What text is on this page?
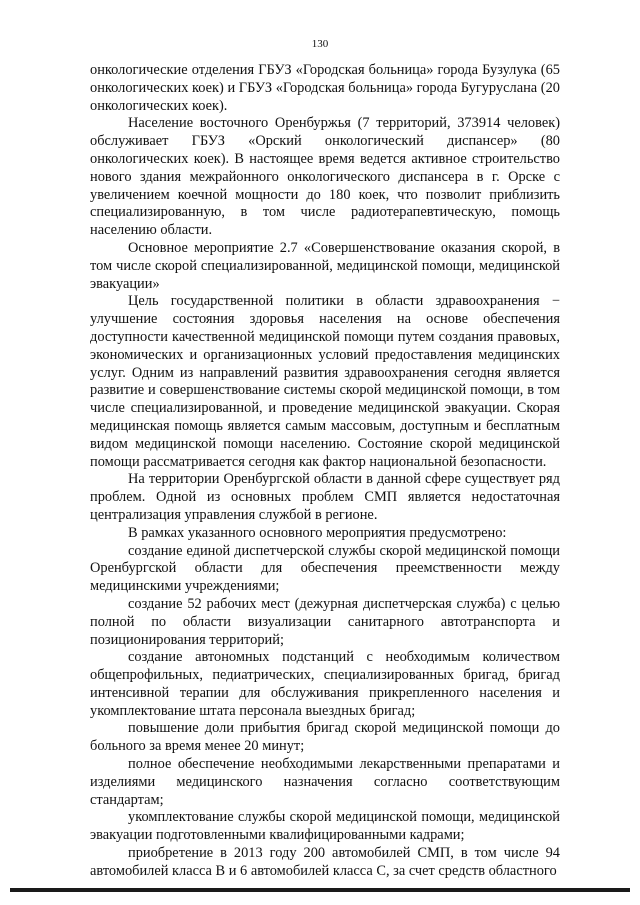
130

онкологические отделения ГБУЗ «Городская больница» города Бузулука (65 онкологических коек) и ГБУЗ «Городская больница» города Бугуруслана (20 онкологических коек).

Население восточного Оренбуржья (7 территорий, 373914 человек) обслуживает ГБУЗ «Орский онкологический диспансер» (80 онкологических коек). В настоящее время ведется активное строительство нового здания межрайонного онкологического диспансера в г. Орске с увеличением коечной мощности до 180 коек, что позволит приблизить специализированную, в том числе радиотерапевтическую, помощь населению области.

Основное мероприятие 2.7 «Совершенствование оказания скорой, в том числе скорой специализированной, медицинской помощи, медицинской эвакуации»

Цель государственной политики в области здравоохранения − улучшение состояния здоровья населения на основе обеспечения доступности качественной медицинской помощи путем создания правовых, экономических и организационных условий предоставления медицинских услуг. Одним из направлений развития здравоохранения сегодня является развитие и совершенствование системы скорой медицинской помощи, в том числе специализированной, и проведение медицинской эвакуации. Скорая медицинская помощь является самым массовым, доступным и бесплатным видом медицинской помощи населению. Состояние скорой медицинской помощи рассматривается сегодня как фактор национальной безопасности.

На территории Оренбургской области в данной сфере существует ряд проблем. Одной из основных проблем СМП является недостаточная централизация управления службой в регионе.

В рамках указанного основного мероприятия предусмотрено:

создание единой диспетчерской службы скорой медицинской помощи Оренбургской области для обеспечения преемственности между медицинскими учреждениями;

создание 52 рабочих мест (дежурная диспетчерская служба) с целью полной по области визуализации санитарного автотранспорта и позиционирования территорий;

создание автономных подстанций с необходимым количеством общепрофильных, педиатрических, специализированных бригад, бригад интенсивной терапии для обслуживания прикрепленного населения и укомплектование штата персонала выездных бригад;

повышение доли прибытия бригад скорой медицинской помощи до больного за время менее 20 минут;

полное обеспечение необходимыми лекарственными препаратами и изделиями медицинского назначения согласно соответствующим стандартам;

укомплектование службы скорой медицинской помощи, медицинской эвакуации подготовленными квалифицированными кадрами;

приобретение в 2013 году 200 автомобилей СМП, в том числе 94 автомобилей класса В и 6 автомобилей класса С, за счет средств областного
